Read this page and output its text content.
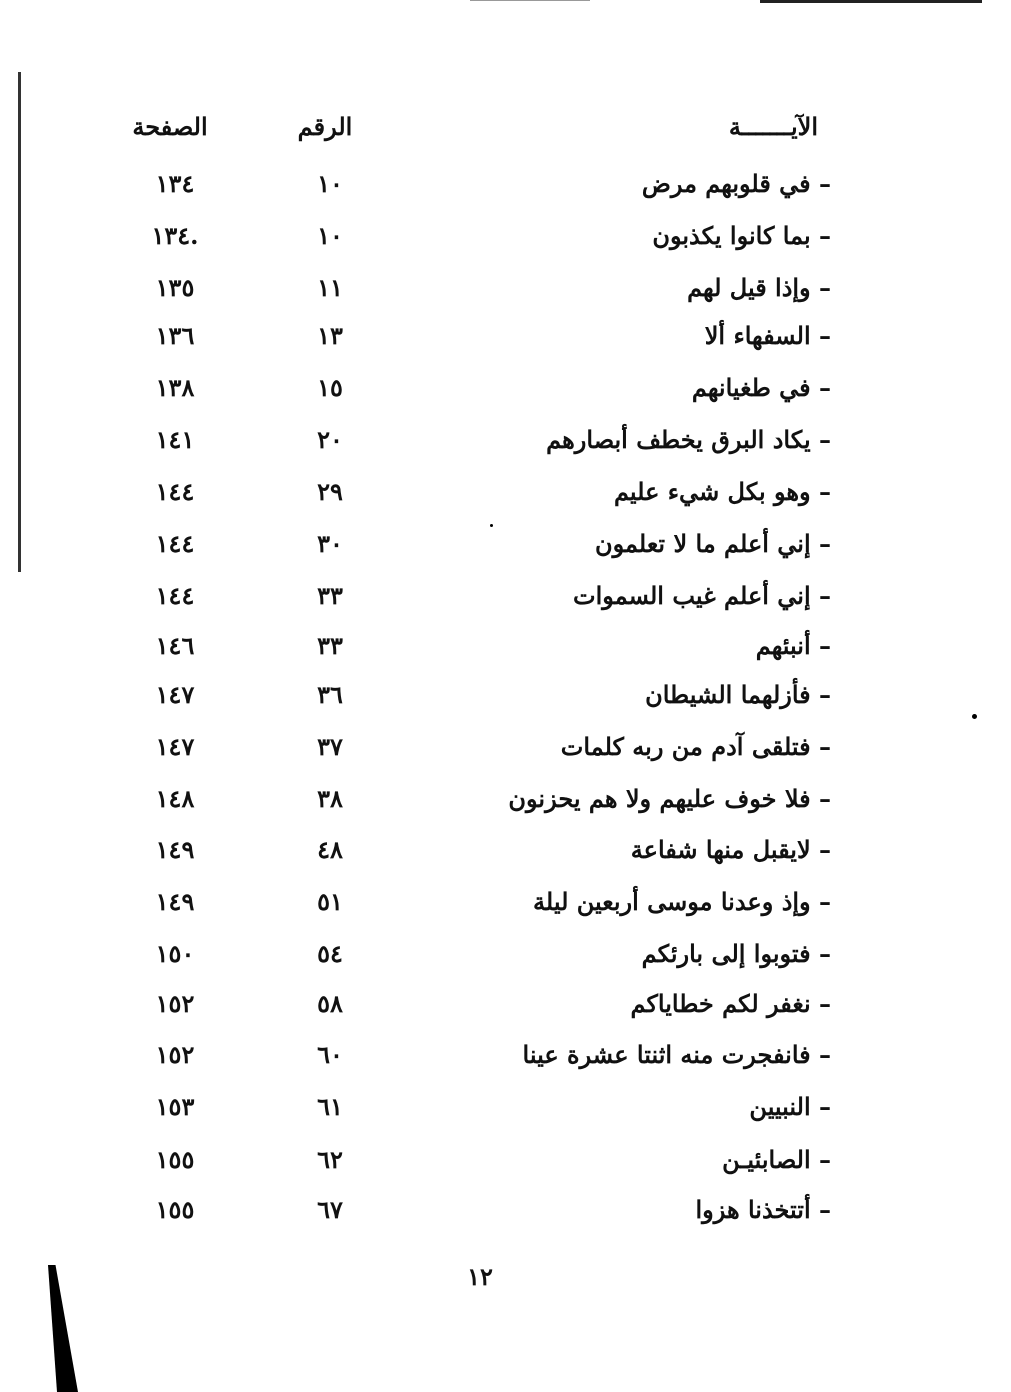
الآيـــــــة
الرقم
الصفحة
– في قلوبهم مرض
١٠
١٣٤
– بما كانوا يكذبون
١٠
.١٣٤
– وإذا قيل لهم
١١
١٣٥
– السفهاء ألا
١٣
١٣٦
– في طغيانهم
١٥
١٣٨
– يكاد البرق يخطف أبصارهم
٢٠
١٤١
– وهو بكل شيء عليم
٢٩
١٤٤
– إني أعلم ما لا تعلمون
٣٠
١٤٤
– إني أعلم غيب السموات
٣٣
١٤٤
– أنبئهم
٣٣
١٤٦
– فأزلهما الشيطان
٣٦
١٤٧
– فتلقى آدم من ربه كلمات
٣٧
١٤٧
– فلا خوف عليهم ولا هم يحزنون
٣٨
١٤٨
– لايقبل منها شفاعة
٤٨
١٤٩
– وإذ وعدنا موسى أربعين ليلة
٥١
١٤٩
– فتوبوا إلى بارئكم
٥٤
١٥٠
– نغفر لكم خطاياكم
٥٨
١٥٢
– فانفجرت منه اثنتا عشرة عينا
٦٠
١٥٢
– النبيين
٦١
١٥٣
– الصابئيـن
٦٢
١٥٥
– أتتخذنا هزوا
٦٧
١٥٥
١٢
